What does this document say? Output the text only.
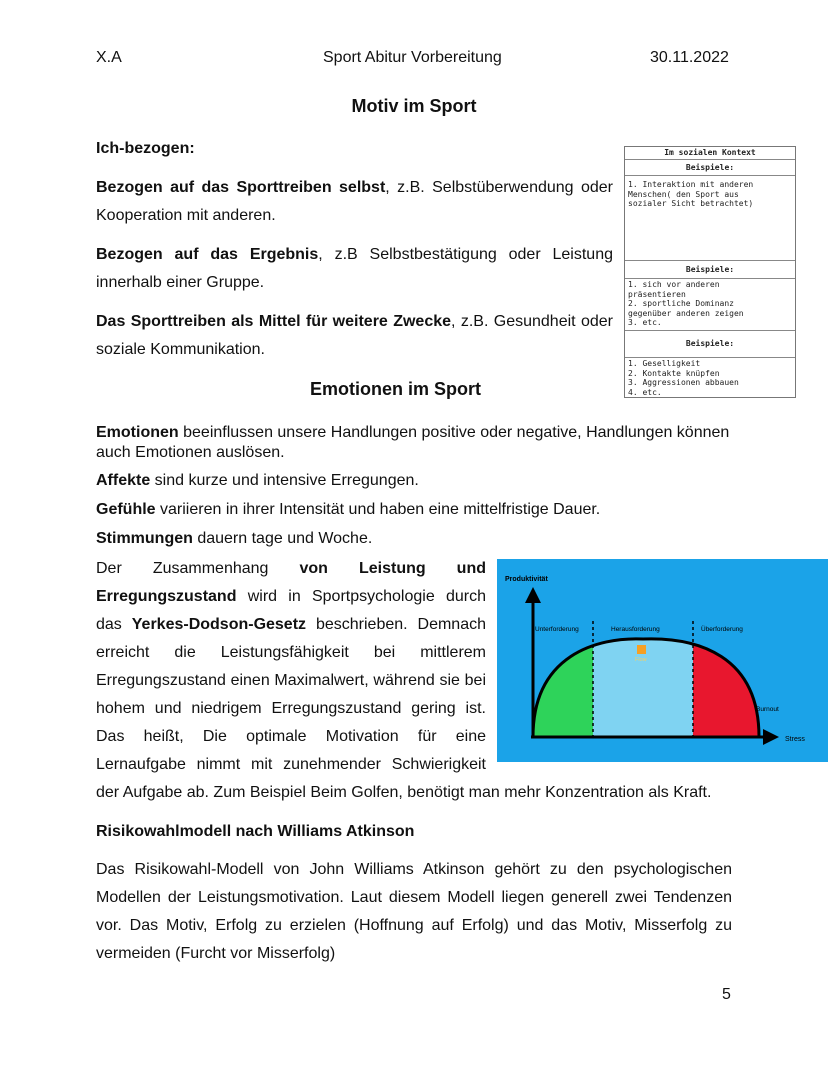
X.A	Sport Abitur Vorbereitung	30.11.2022
Motiv im Sport
Ich-bezogen:
Bezogen auf das Sporttreiben selbst, z.B. Selbstüberwendung oder Kooperation mit anderen.
Bezogen auf das Ergebnis, z.B Selbstbestätigung oder Leistung innerhalb einer Gruppe.
Das Sporttreiben als Mittel für weitere Zwecke, z.B. Gesundheit oder soziale Kommunikation.
Im sozialen Kontext
Beispiele:
1. Interaktion mit anderen
Menschen( den Sport aus
sozialer Sicht betrachtet)
Beispiele:
1. sich vor anderen
präsentieren
2. sportliche Dominanz
gegenüber anderen zeigen
3. etc.
Beispiele:
1. Geselligkeit
2. Kontakte knüpfen
3. Aggressionen abbauen
4. etc.
Emotionen im Sport
Emotionen beeinflussen unsere Handlungen positive oder negative, Handlungen können
auch Emotionen auslösen.
Affekte sind kurze und intensive Erregungen.
Gefühle variieren in ihrer Intensität und haben eine mittelfristige Dauer.
Stimmungen dauern tage und Woche.
Der Zusammenhang von Leistung und
Erregungszustand wird in Sportpsychologie durch
das Yerkes-Dodson-Gesetz beschrieben. Demnach
erreicht die Leistungsfähigkeit bei mittlerem
Erregungszustand einen Maximalwert, während sie bei
hohem und niedrigem Erregungszustand gering ist.
Das heißt, Die optimale Motivation für eine
Lernaufgabe nimmt mit zunehmender Schwierigkeit
der Aufgabe ab. Zum Beispiel Beim Golfen, benötigt man mehr Konzentration als Kraft.
Produktivität
Stress
Unterforderung	Herausforderung	Überforderung
Flow
Burnout
Risikowahlmodell nach Williams Atkinson
Das Risikowahl-Modell von John Williams Atkinson gehört zu den psychologischen Modellen der Leistungsmotivation. Laut diesem Modell liegen generell zwei Tendenzen vor. Das Motiv, Erfolg zu erzielen (Hoffnung auf Erfolg) und das Motiv, Misserfolg zu vermeiden (Furcht vor Misserfolg)
5
